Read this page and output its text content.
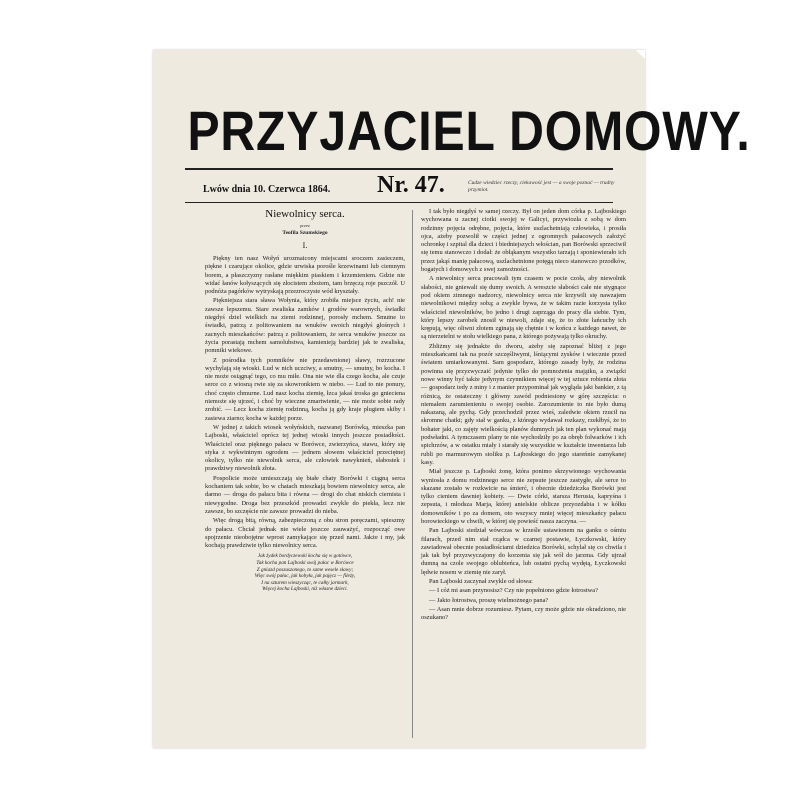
PRZYJACIEL DOMOWY.
Lwów dnia 10. Czerwca 1864. Nr. 47.	Cudze wiedziec rzeczy, ciekawość jest — a swoje poznać — trudny przymiot.
Niewolnicy serca.
przez
Teofila Szumskiego
I.

Piękny ten nasz Wołyń urozmaicony miejscami sroczem zasieczem, piękne i czarujące okolice, gdzie urwiska porośle krzewinami lub ciemnym borem, a płaszczyzny rasłane miękkim piaskiem i krzemieniem. Gdzie nie widać łanów kołyszących się złocistem zbożem, tam brzęczą roje pszczół. U podnóża pagórków wytryskają przezroczyste wód kryształy.

Piękniejsza stara sława Wołynia, który zrobiła miejsce życiu, ach! nie zawsze lepszemu. Stare zwaliska zamków i grodów warownych, świadki niegdyś dziel wielkich na ziemi rodzinnej, porosły mchem. Smutne to świadki, patrzą z politowaniem na wnuków swoich niegdyś głośnych i zacnych mieszkańców: patrzą z politowaniem, że serca wnuków jeszcze za życia porastają mchem samolubstwa, kamienieją bardziej jak te zwaliska, pomniki wiekowe.

Z pośrodka tych pomników nie przedawnionej sławy, rozrzucone wychylają się wioski. Lud w nich uczciwy, a smutny, — smutny, bo kocha. I nie może osiągnąć tego, co mu miłe. Ona nie wie dla czego kocha, ale czuje serce co z wiosną rwie się za skowronkiem w niebo. — Lud to nie ponury, choć często chmurne. Lud nasz kocha ziemię, łzca jakaś troska go gnieciena niemoże się ujrzeć, i choć by wieczne zmartwienie, — nie może sobie rady zrobić. — Lecz kocha ziemię rodzinną, kocha ją gdy kraje plugiem skiby i zasiewa ziarno; kocha w każdej porze.

W jednej z takich wiosek wołyńskich, nazwanej Borówką, mieszka pan Lajboski, właściciel oprócz tej jednej wioski innych jeszcze posiadłości. Właściciel oraz pięknego pałacu w Borówce, zwierzyńca, stawu, który się styka z wykwintnym ogrodem — jednem słowem właściciel przeciętnej okolicy, tylko nie niewolnik serca, ale człowiek nawyknień, słabostek i prawdziwy niewolnik złota.

Pospolicie może umieszczają się białe chaty Borówki i ciągną serca kochaniem tak sobie, bo w chatach mieszkają bowiem niewolnicy serca, ale darmo — droga do pałacu bita i równa — drogi do chat niskich ciernista i niewygodne. Droga bez przeszkód prowadzi zwykle do piekła, lecz nie zawsze, bo szczęście nie zawsze prowadzi do nieba.

Więc drogą bitą, równą, zabezpieczoną z obu stron poręczami, spieszmy do pałacu. Chciał jednak nie wiele jeszcze zauważyć, rozpocząć owe spojrzenie nieobojętne wprost zamykające się przed nami. Jakże i my, jak kochają prawdziwie tylko niewolnicy serca.

Jak żydek bordyczewski kocha się w gotówce,
Tak kocha pan Lajboski swój pałac w Borówce
Z gniazd poszuszonego, to same wesele sławy;
Więc swój pałac, jak kobyła, jak pajęcz — fileży,
I na szturem wieszycząc, te całky jarmark,
Więcej kocha Lajboski, niż własne dzieci.

I tak było niegdyś w samej rzeczy. Był on jeden dom córka p. Lajboskiego wychowana u zacnej ciotki swojej w Galicyi, przywiozła z sobą w dom rodzinny pojęcia odrębne, pojęcia, które uszlachetniają człowieka, i prosiła ojca, ażeby pozwolił w części jednej z ogromnych pałacowych założyć ochronkę i szpital dla dzieci i biedniejszych włościan, pan Borówski sprzeciwił się temu stanowczo i dodał: że obłąkanym wszystko tarzają i sponiewierało ich przez jakąś manię pałacową, uszlachetnione potęgą nieco stanowczo przodków, bogatych i domowych z swej zamożności.

A niewolnicy serca pracowali tym czasem w pocie czoła, aby niewolnik słabości, nie gniewali się dumy swoich. A wreszcie słabości całe nie stygnące pod okiem zimnego nadzorcy, niewolnicy serca nie krzywili się nawzajem niewolnikowi między sobą; a zwykle bywa, że w takim razie korzysta tylko właściciel niewolników, bo jedno i drugi zaprząga do pracy dla siebie. Tym, który lepszy zarobek znosił w niewoli, zdaje się, że to złote łańcuchy ich krępują, więc oliwni złotem zginają się chętnie i w końcu z każdego nawet, że są nierzetelni w stołu wielkiego pana, z którego pożywają tylko okruchy.

Zbliżmy się jednakże do dworu, ażeby się zapoznać bliżej z jego mieszkańcami tak na pozór szczęśliwymi, lśniącymi zysków i wiecznie przed światem umiarkowanymi. Sam gospodarz, którego zasady były, że rodzina powinna się przyzwyczaić jedynie tylko do pomnożenia majątku, a związki nowe winny być także jedynym czynnikiem więcej w tej sztuce robienia złota — gospodarz tedy z miny i z manier przypominał jak wygląda jaki bankier, z tą różnicą, że ostateczny i główny zawód podniesiony w górę szczęścia: o niemałem zarumienieniu o swojej osobie. Zarozumienie to nie było dumą nakazaną, ale pychą. Gdy przechodził przez wieś, zaledwie okiem rzucił na skromne chatki; gdy stał w ganku, z którego wydawał rozkazy, rzekłbyś, że to bohater jaki, co zajęty wielkością planów dumnych jak ten plan wykonać mają podwładni. A tymczasem plany te nie wychodziły po za obręb folwarków i ich spichrzów, a w ostatku miały i starały się wszystkie w kształcie inwentarza lub rubli po marmurowym stoliku p. Lajboskiego do jego stareńnie zamykanej kasy.

Miał jeszcze p. Lajboski żonę, która ponimo skrzywionego wychowania wyniosła z domu rodzinnego serce nie zepsute jeszcze zastygłe, ale serce to skazane zostało w rozkwicie na śmierć, i obecnie dziedziczka Borówki jest tylko cieniem dawniej kobiety. — Dwie córki, starsza Herusia, kapryśna i zepsuta, i młodsza Marja, której anielskie oblicze przyozdabia i w kółku domowników i po za domem, oto wszyscy mniej więcej mieszkańcy pałacu borowieckiego w chwili, w której się powieść nasza zaczyna. —

Pan Lajboski siedział wówczas w krześle ustawionem na ganku o ośmiu filarach, przed nim stał rządca w czarnej postawie, Łyczkowski, który zawiadował obecnie posiadłościami dziedzica Borówki, schylał się co chwila i jak tak był przyzwyczajony do korzenia się jak wół do jarzma. Gdy ujrzał dumną na czole swojego oblubieńca, lub ostatni pychą wydętą, Łyczkowski lędwie nosem w ziemię nie zarył.

Pan Lajboski zaczynał zwykle od słowa:

— I cóż mi asan przynosisz? Czy nie popełniono gdzie łotrostwa?

— Jakto łotrostwa, proszę wielmożnego pana?

— Asan mnie dobrze rozumiesz. Pytam, czy może gdzie nie okradziono, nie oszukano?
